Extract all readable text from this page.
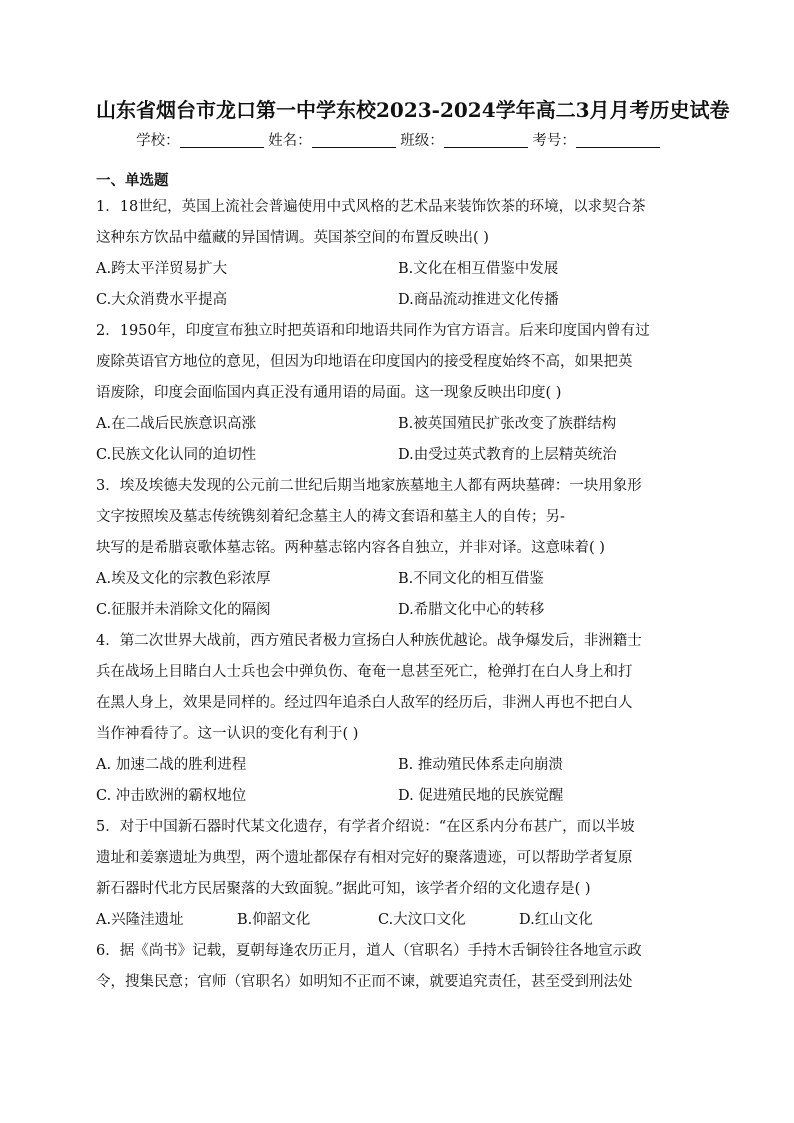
山东省烟台市龙口第一中学东校2023-2024学年高二3月月考历史试卷
学校：	姓名：	班级：	考号：
一、单选题

1．18世纪，英国上流社会普遍使用中式风格的艺术品来装饰饮茶的环境，以求契合茶

这种东方饮品中蕴藏的异国情调。英国茶空间的布置反映出( )

A.跨太平洋贸易扩大	B.文化在相互借鉴中发展
C.大众消费水平提高	D.商品流动推进文化传播

2．1950年，印度宣布独立时把英语和印地语共同作为官方语言。后来印度国内曾有过

废除英语官方地位的意见，但因为印地语在印度国内的接受程度始终不高，如果把英

语废除，印度会面临国内真正没有通用语的局面。这一现象反映出印度( )

A.在二战后民族意识高涨	B.被英国殖民扩张改变了族群结构
C.民族文化认同的迫切性	D.由受过英式教育的上层精英统治

3．埃及埃德夫发现的公元前二世纪后期当地家族墓地主人都有两块墓碑：一块用象形

文字按照埃及墓志传统镌刻着纪念墓主人的祷文套语和墓主人的自传；另-

块写的是希腊哀歌体墓志铭。两种墓志铭内容各自独立，并非对译。这意味着( )

A.埃及文化的宗教色彩浓厚	B.不同文化的相互借鉴
C.征服并未消除文化的隔阂	D.希腊文化中心的转移

4．第二次世界大战前，西方殖民者极力宣扬白人种族优越论。战争爆发后，非洲籍士

兵在战场上目睹白人士兵也会中弹负伤、奄奄一息甚至死亡，枪弹打在白人身上和打

在黑人身上，效果是同样的。经过四年追杀白人敌军的经历后，非洲人再也不把白人

当作神看待了。这一认识的变化有利于( )

A. 加速二战的胜利进程	B. 推动殖民体系走向崩溃
C. 冲击欧洲的霸权地位	D. 促进殖民地的民族觉醒

5．对于中国新石器时代某文化遗存，有学者介绍说：“在区系内分布甚广，而以半坡

遗址和姜寨遗址为典型，两个遗址都保存有相对完好的聚落遗迹，可以帮助学者复原

新石器时代北方民居聚落的大致面貌。”据此可知，该学者介绍的文化遗存是( )

A.兴隆洼遗址	B.仰韶文化	C.大汶口文化	D.红山文化

6．据《尚书》记载，夏朝每逢农历正月，道人（官职名）手持木舌铜铃往各地宣示政

令，搜集民意；官师（官职名）如明知不正而不谏，就要追究责任，甚至受到刑法处
